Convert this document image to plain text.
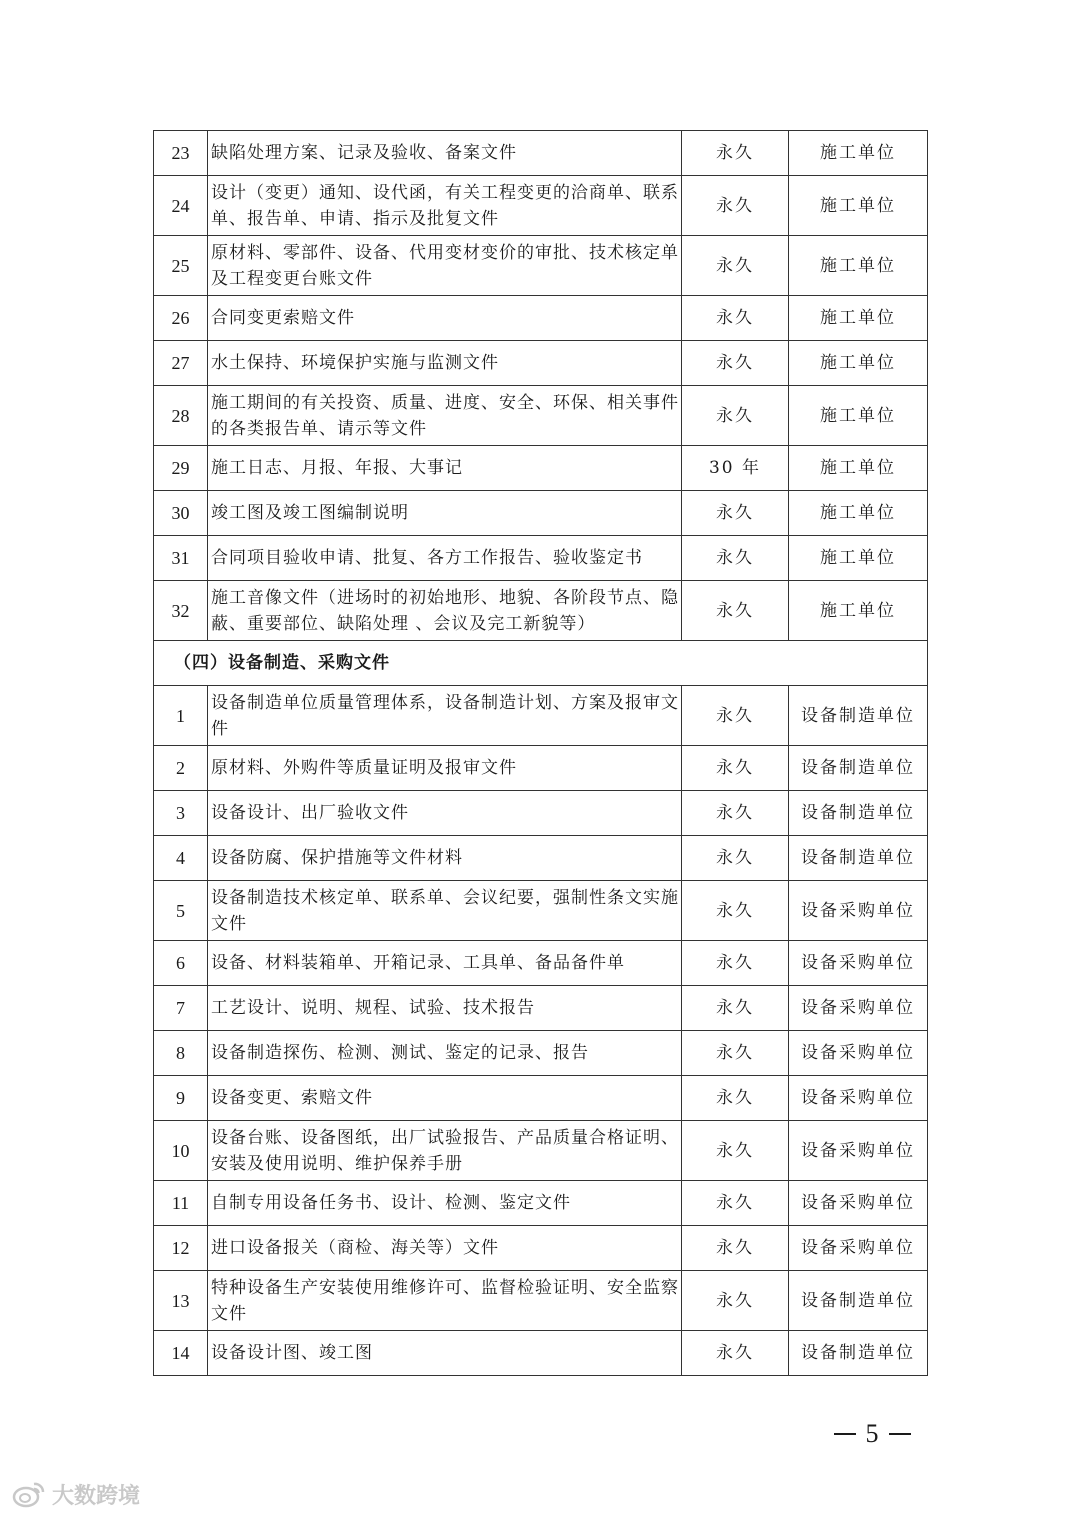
23	缺陷处理方案、记录及验收、备案文件	永久	施工单位
24	设计（变更）通知、设代函，有关工程变更的洽商单、联系单、报告单、申请、指示及批复文件	永久	施工单位
25	原材料、零部件、设备、代用变材变价的审批、技术核定单及工程变更台账文件	永久	施工单位
26	合同变更索赔文件	永久	施工单位
27	水土保持、环境保护实施与监测文件	永久	施工单位
28	施工期间的有关投资、质量、进度、安全、环保、相关事件的各类报告单、请示等文件	永久	施工单位
29	施工日志、月报、年报、大事记	30 年	施工单位
30	竣工图及竣工图编制说明	永久	施工单位
31	合同项目验收申请、批复、各方工作报告、验收鉴定书	永久	施工单位
32	施工音像文件（进场时的初始地形、地貌、各阶段节点、隐蔽、重要部位、缺陷处理 、会议及完工新貌等）	永久	施工单位
（四）设备制造、采购文件			
1	设备制造单位质量管理体系，设备制造计划、方案及报审文件	永久	设备制造单位
2	原材料、外购件等质量证明及报审文件	永久	设备制造单位
3	设备设计、出厂验收文件	永久	设备制造单位
4	设备防腐、保护措施等文件材料	永久	设备制造单位
5	设备制造技术核定单、联系单、会议纪要，强制性条文实施文件	永久	设备采购单位
6	设备、材料装箱单、开箱记录、工具单、备品备件单	永久	设备采购单位
7	工艺设计、说明、规程、试验、技术报告	永久	设备采购单位
8	设备制造探伤、检测、测试、鉴定的记录、报告	永久	设备采购单位
9	设备变更、索赔文件	永久	设备采购单位
10	设备台账、设备图纸，出厂试验报告、产品质量合格证明、安装及使用说明、维护保养手册	永久	设备采购单位
11	自制专用设备任务书、设计、检测、鉴定文件	永久	设备采购单位
12	进口设备报关（商检、海关等）文件	永久	设备采购单位
13	特种设备生产安装使用维修许可、监督检验证明、安全监察文件	永久	设备制造单位
14	设备设计图、竣工图	永久	设备制造单位
5
大数跨境
